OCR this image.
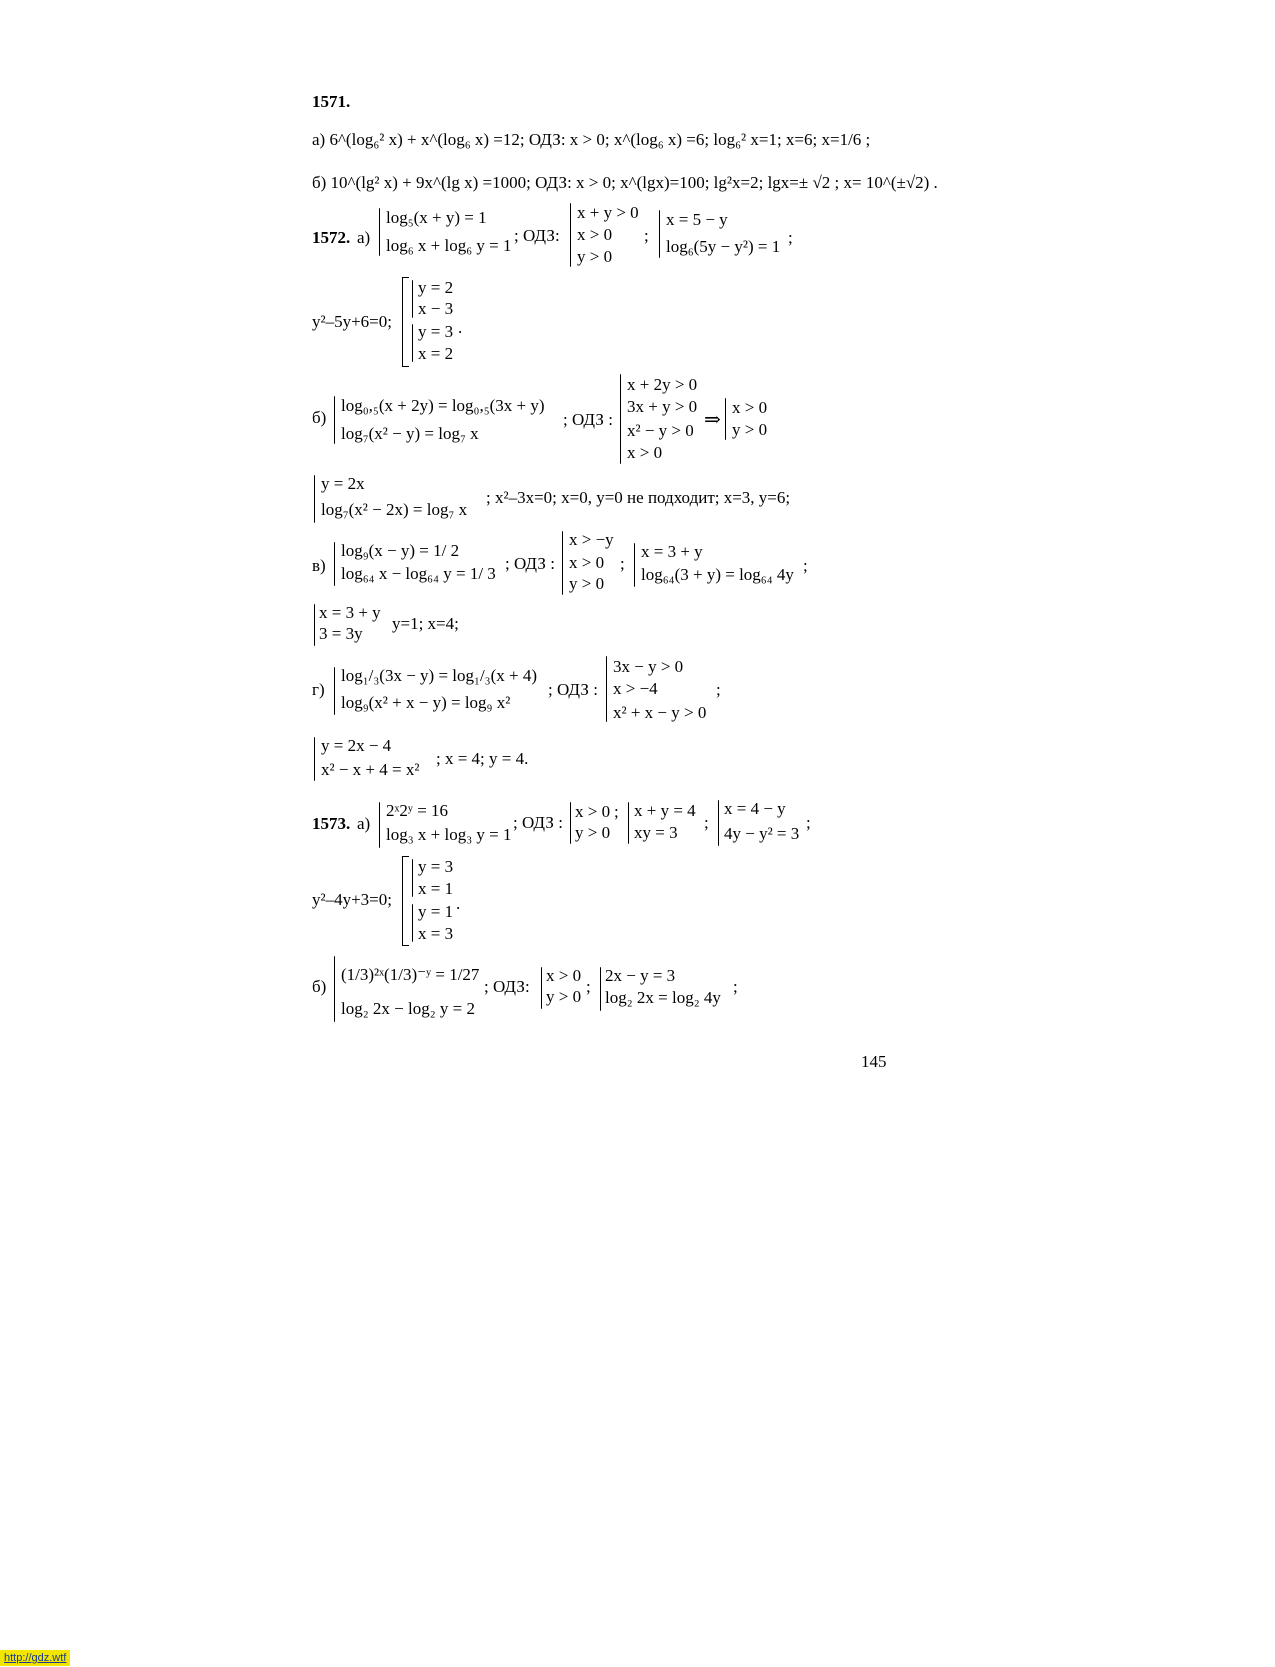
1571.
а) 6^(log₆² x) + x^(log₆ x) =12; ОДЗ: x > 0; x^(log₆ x) =6; log₆² x=1; x=6; x=1/6 ;
б) 10^(lg² x) + 9x^(lg x) =1000; ОДЗ: x > 0; x^(lgx)=100; lg²x=2; lgx=± √2 ; x= 10^(±√2) .
1572. а)
log₅(x + y) = 1
log₆ x + log₆ y = 1
; ОДЗ:
x + y > 0
x > 0
y > 0
;
x = 5 − y
log₆(5y − y²) = 1 ;
y²–5y+6=0;
y = 2
x − 3
y = 3
x = 2
.
б)
log₀,₅(x + 2y) = log₀,₅(3x + y)
log₇(x² − y) = log₇ x
; ОДЗ :
x + 2y > 0
3x + y > 0
x² − y > 0
x > 0
⇒
x > 0
y > 0
y = 2x
log₇(x² − 2x) = log₇ x
; x²–3x=0; x=0, y=0 не подходит; x=3, y=6;
в)
log₉(x − y) = 1/ 2
log₆₄ x − log₆₄ y = 1/ 3
; ОДЗ :
x > −y
x > 0
y > 0
;
x = 3 + y
log₆₄(3 + y) = log₆₄ 4y ;
x = 3 + y
3 = 3y
y=1; x=4;
г)
log₁/₃(3x − y) = log₁/₃(x + 4)
log₉(x² + x − y) = log₉ x²
; ОДЗ :
3x − y > 0
x > −4
x² + x − y > 0
;
y = 2x − 4
x² − x + 4 = x²
; x = 4; y = 4.
1573. а)
2ˣ2ʸ = 16
log₃ x + log₃ y = 1
; ОДЗ :
x > 0
y > 0
; x + y = 4
xy = 3
;
x = 4 − y
4y − y² = 3
;
y²–4y+3=0;
y = 3
x = 1
y = 1
x = 3
.
б)
(1/3)²ˣ(1/3)⁻ʸ = 1/27
log₂ 2x − log₂ y = 2
; ОДЗ:
x > 0
y > 0
;
2x − y = 3
log₂ 2x = log₂ 4y
;
145
http://gdz.wtf
